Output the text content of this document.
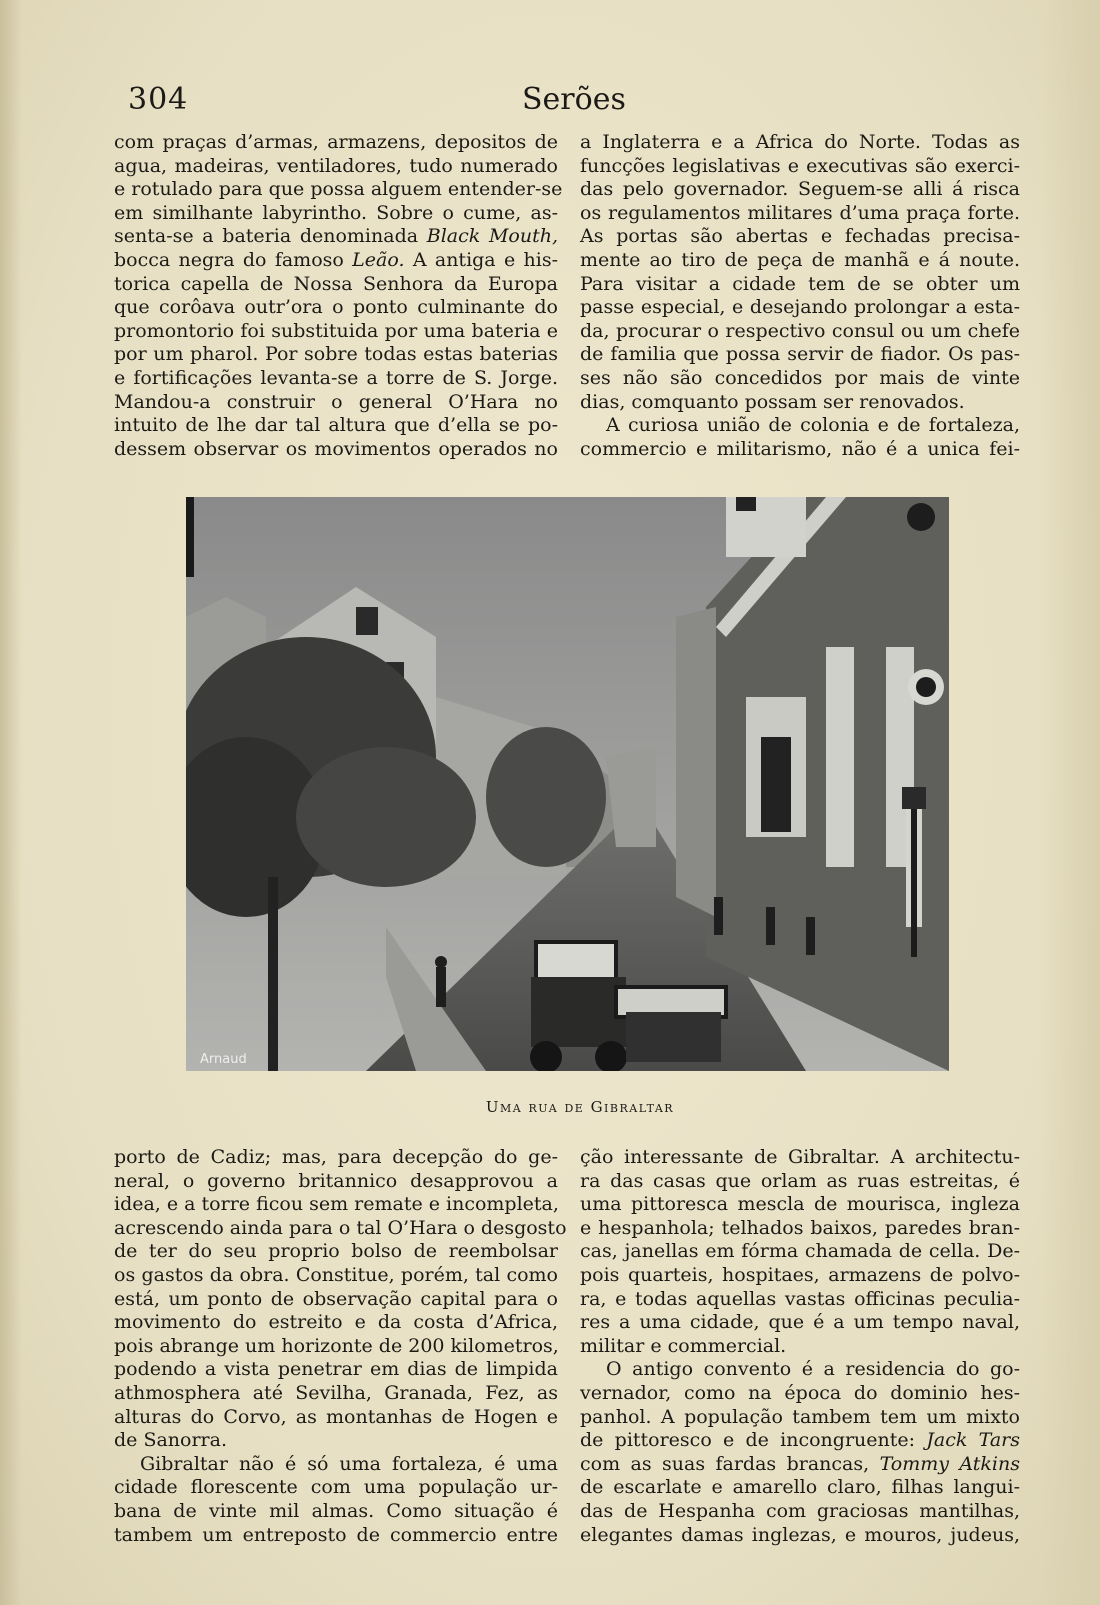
304	Serões
com praças d’armas, armazens, depositos de
agua, madeiras, ventiladores, tudo numerado
e rotulado para que possa alguem entender-se
em similhante labyrintho. Sobre o cume, as-
senta-se a bateria denominada Black Mouth,
bocca negra do famoso Leão. A antiga e his-
torica capella de Nossa Senhora da Europa
que corôava outr’ora o ponto culminante do
promontorio foi substituida por uma bateria e
por um pharol. Por sobre todas estas baterias
e fortificações levanta-se a torre de S. Jorge.
Mandou-a construir o general O’Hara no
intuito de lhe dar tal altura que d’ella se po-
dessem observar os movimentos operados no
a Inglaterra e a Africa do Norte. Todas as
funcções legislativas e executivas são exerci-
das pelo governador. Seguem-se alli á risca
os regulamentos militares d’uma praça forte.
As portas são abertas e fechadas precisa-
mente ao tiro de peça de manhã e á noute.
Para visitar a cidade tem de se obter um
passe especial, e desejando prolongar a esta-
da, procurar o respectivo consul ou um chefe
de familia que possa servir de fiador. Os pas-
ses não são concedidos por mais de vinte
dias, comquanto possam ser renovados.
A curiosa união de colonia e de fortaleza,
commercio e militarismo, não é a unica fei-
Arnaud
Uma rua de Gibraltar
porto de Cadiz; mas, para decepção do ge-
neral, o governo britannico desapprovou a
idea, e a torre ficou sem remate e incompleta,
acrescendo ainda para o tal O’Hara o desgosto
de ter do seu proprio bolso de reembolsar
os gastos da obra. Constitue, porém, tal como
está, um ponto de observação capital para o
movimento do estreito e da costa d’Africa,
pois abrange um horizonte de 200 kilometros,
podendo a vista penetrar em dias de limpida
athmosphera até Sevilha, Granada, Fez, as
alturas do Corvo, as montanhas de Hogen e
de Sanorra.
Gibraltar não é só uma fortaleza, é uma
cidade florescente com uma população ur-
bana de vinte mil almas. Como situação é
tambem um entreposto de commercio entre
ção interessante de Gibraltar. A architectu-
ra das casas que orlam as ruas estreitas, é
uma pittoresca mescla de mourisca, ingleza
e hespanhola; telhados baixos, paredes bran-
cas, janellas em fórma chamada de cella. De-
pois quarteis, hospitaes, armazens de polvo-
ra, e todas aquellas vastas officinas peculia-
res a uma cidade, que é a um tempo naval,
militar e commercial.
O antigo convento é a residencia do go-
vernador, como na época do dominio hes-
panhol. A população tambem tem um mixto
de pittoresco e de incongruente: Jack Tars
com as suas fardas brancas, Tommy Atkins
de escarlate e amarello claro, filhas langui-
das de Hespanha com graciosas mantilhas,
elegantes damas inglezas, e mouros, judeus,
